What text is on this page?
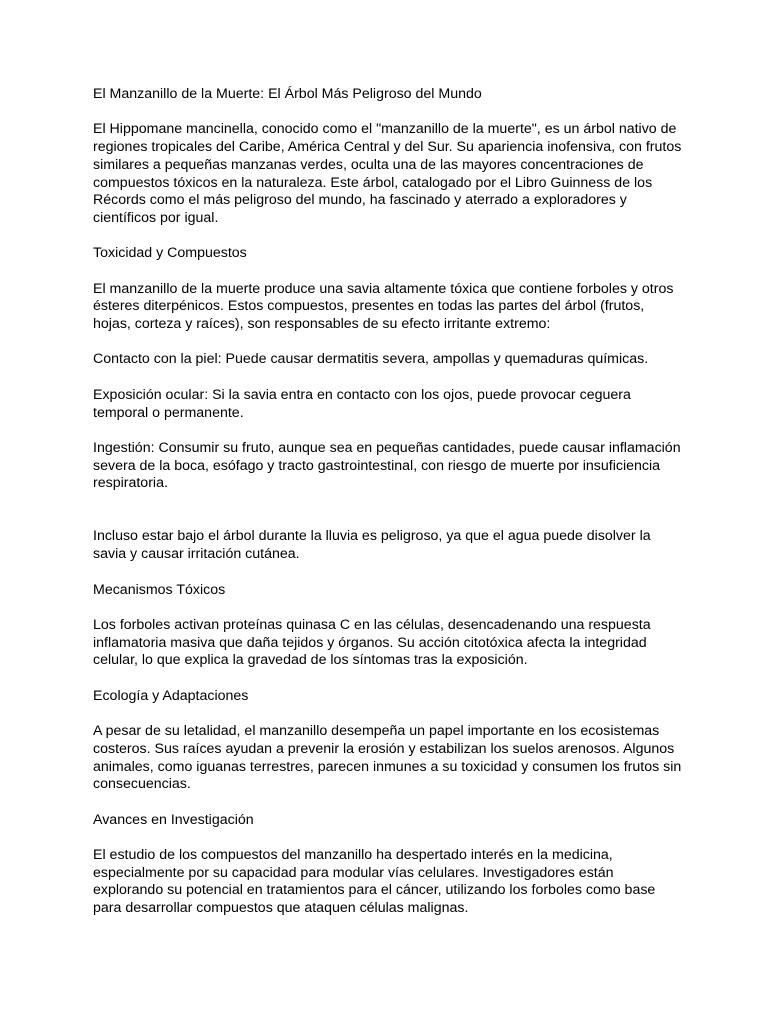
El Manzanillo de la Muerte: El Árbol Más Peligroso del Mundo

El Hippomane mancinella, conocido como el "manzanillo de la muerte", es un árbol nativo de regiones tropicales del Caribe, América Central y del Sur. Su apariencia inofensiva, con frutos similares a pequeñas manzanas verdes, oculta una de las mayores concentraciones de compuestos tóxicos en la naturaleza. Este árbol, catalogado por el Libro Guinness de los Récords como el más peligroso del mundo, ha fascinado y aterrado a exploradores y científicos por igual.

Toxicidad y Compuestos

El manzanillo de la muerte produce una savia altamente tóxica que contiene forboles y otros ésteres diterpénicos. Estos compuestos, presentes en todas las partes del árbol (frutos, hojas, corteza y raíces), son responsables de su efecto irritante extremo:

Contacto con la piel: Puede causar dermatitis severa, ampollas y quemaduras químicas.

Exposición ocular: Si la savia entra en contacto con los ojos, puede provocar ceguera temporal o permanente.

Ingestión: Consumir su fruto, aunque sea en pequeñas cantidades, puede causar inflamación severa de la boca, esófago y tracto gastrointestinal, con riesgo de muerte por insuficiencia respiratoria.

Incluso estar bajo el árbol durante la lluvia es peligroso, ya que el agua puede disolver la savia y causar irritación cutánea.

Mecanismos Tóxicos

Los forboles activan proteínas quinasa C en las células, desencadenando una respuesta inflamatoria masiva que daña tejidos y órganos. Su acción citotóxica afecta la integridad celular, lo que explica la gravedad de los síntomas tras la exposición.

Ecología y Adaptaciones

A pesar de su letalidad, el manzanillo desempeña un papel importante en los ecosistemas costeros. Sus raíces ayudan a prevenir la erosión y estabilizan los suelos arenosos. Algunos animales, como iguanas terrestres, parecen inmunes a su toxicidad y consumen los frutos sin consecuencias.

Avances en Investigación

El estudio de los compuestos del manzanillo ha despertado interés en la medicina, especialmente por su capacidad para modular vías celulares. Investigadores están explorando su potencial en tratamientos para el cáncer, utilizando los forboles como base para desarrollar compuestos que ataquen células malignas.
